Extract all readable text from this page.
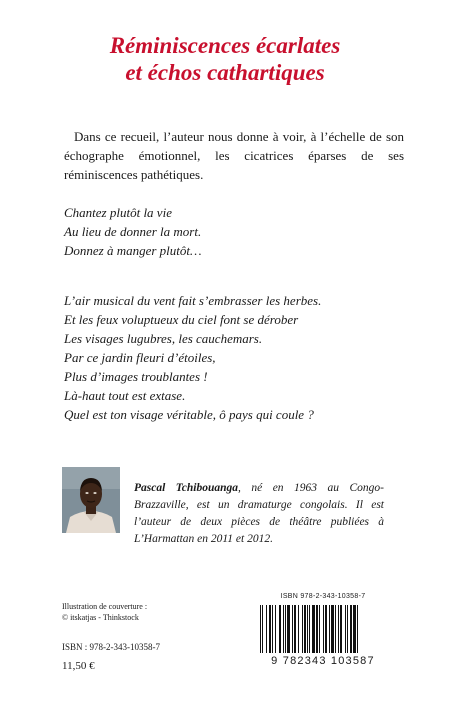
Réminiscences écarlates
et échos cathartiques
Dans ce recueil, l’auteur nous donne à voir, à l’échelle de son échographe émotionnel, les cicatrices éparses de ses réminiscences pathétiques.
Chantez plutôt la vie
Au lieu de donner la mort.
Donnez à manger plutôt…
L’air musical du vent fait s’embrasser les herbes.
Et les feux voluptueux du ciel font se dérober
Les visages lugubres, les cauchemars.
Par ce jardin fleuri d’étoiles,
Plus d’images troublantes !
Là-haut tout est extase.
Quel est ton visage véritable, ô pays qui coule ?
Pascal Tchibouanga, né en 1963 au Congo-Brazzaville, est un dramaturge congolais. Il est l’auteur de deux pièces de théâtre publiées à L’Harmattan en 2011 et 2012.
Illustration de couverture :
© itskatjas - Thinkstock
ISBN : 978-2-343-10358-7
11,50 €
ISBN 978-2-343-10358-7
9 782343 103587
